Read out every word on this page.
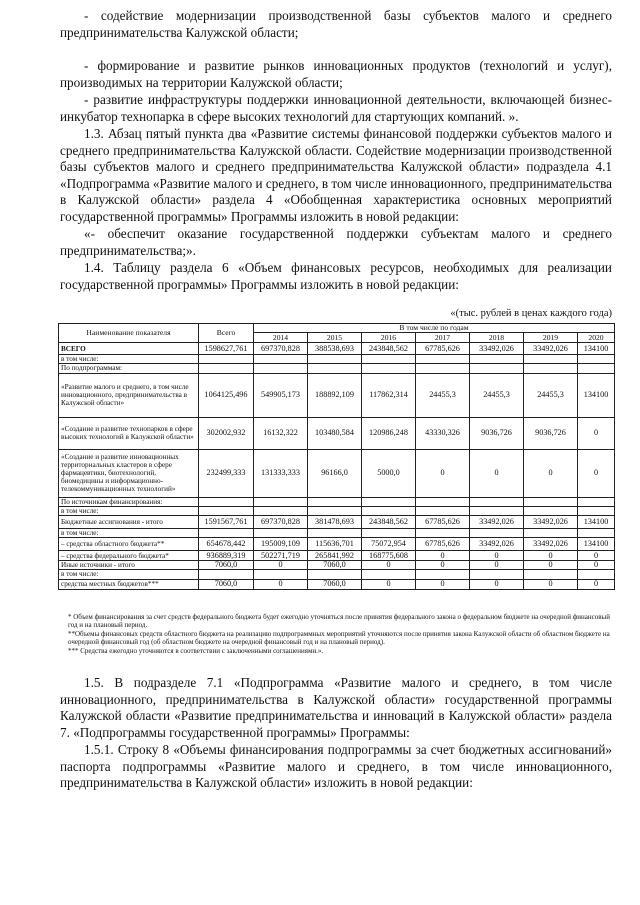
- содействие модернизации производственной базы субъектов малого и среднего предпринимательства Калужской области;

- формирование и развитие рынков инновационных продуктов (технологий и услуг), производимых на территории Калужской области;

- развитие инфраструктуры поддержки инновационной деятельности, включающей бизнес-инкубатор технопарка в сфере высоких технологий для стартующих компаний. ».

1.3. Абзац пятый пункта два «Развитие системы финансовой поддержки субъектов малого и среднего предпринимательства Калужской области. Содействие модернизации производственной базы субъектов малого и среднего предпринимательства Калужской области» подраздела 4.1 «Подпрограмма «Развитие малого и среднего, в том числе инновационного, предпринимательства в Калужской области» раздела 4 «Обобщенная характеристика основных мероприятий государственной программы» Программы изложить в новой редакции:

«- обеспечит оказание государственной поддержки субъектам малого и среднего предпринимательства;».

1.4. Таблицу раздела 6 «Объем финансовых ресурсов, необходимых для реализации государственной программы» Программы изложить в новой редакции:

«(тыс. рублей в ценах каждого года)
Наименование показателя	Всего	В том числе по годам						
		2014	2015	2016	2017	2018	2019	2020
ВСЕГО	1598627,761	697370,828	388538,693	243848,562	67785,626	33492,026	33492,026	134100
в том числе:								
По подпрограммам:								
«Развитие малого и среднего, в том числе инновационного, предпринимательства в Калужской области»	1064125,496	549905,173	188892,109	117862,314	24455,3	24455,3	24455,3	134100
«Создание и развитие технопарков в сфере высоких технологий в Калужской области»	302002,932	16132,322	103480,584	120986,248	43330,326	9036,726	9036,726	0
«Создание и развитие инновационных территориальных кластеров в сфере фармацевтики, биотехнологий, биомедицины и информационно-телекоммуникационных технологий»	232499,333	131333,333	96166,0	5000,0	0	0	0	0
По источникам финансирования:								
в том числе:								
Бюджетные ассигнования - итого	1591567,761	697370,828	381478,693	243848,562	67785,626	33492,026	33492,026	134100
в том числе:								
– средства областного бюджета**	654678,442	195009,109	115636,701	75072,954	67785,626	33492,026	33492,026	134100
– средства федерального бюджета*	936889,319	502271,719	265841,992	168775,608	0	0	0	0
Иные источники - итого	7060,0	0	7060,0	0	0	0	0	0
в том числе:								
средства местных бюджетов***	7060,0	0	7060,0	0	0	0	0	0
* Объем финансирования за счет средств федерального бюджета будет ежегодно уточняться после принятия федерального закона о федеральном бюджете на очередной финансовый год и на плановый период.
**Объемы финансовых средств областного бюджета на реализацию подпрограммных мероприятий уточняются после принятия закона Калужской области об областном бюджете на очередной финансовый год (об областном бюджете на очередной финансовый год и на плановый период).
*** Средства ежегодно уточняются в соответствии с заключенными соглашениями.».

1.5. В подразделе 7.1 «Подпрограмма «Развитие малого и среднего, в том числе инновационного, предпринимательства в Калужской области» государственной программы Калужской области «Развитие предпринимательства и инноваций в Калужской области» раздела 7. «Подпрограммы государственной программы» Программы:

1.5.1. Строку 8 «Объемы финансирования подпрограммы за счет бюджетных ассигнований» паспорта подпрограммы «Развитие малого и среднего, в том числе инновационного, предпринимательства в Калужской области» изложить в новой редакции:
